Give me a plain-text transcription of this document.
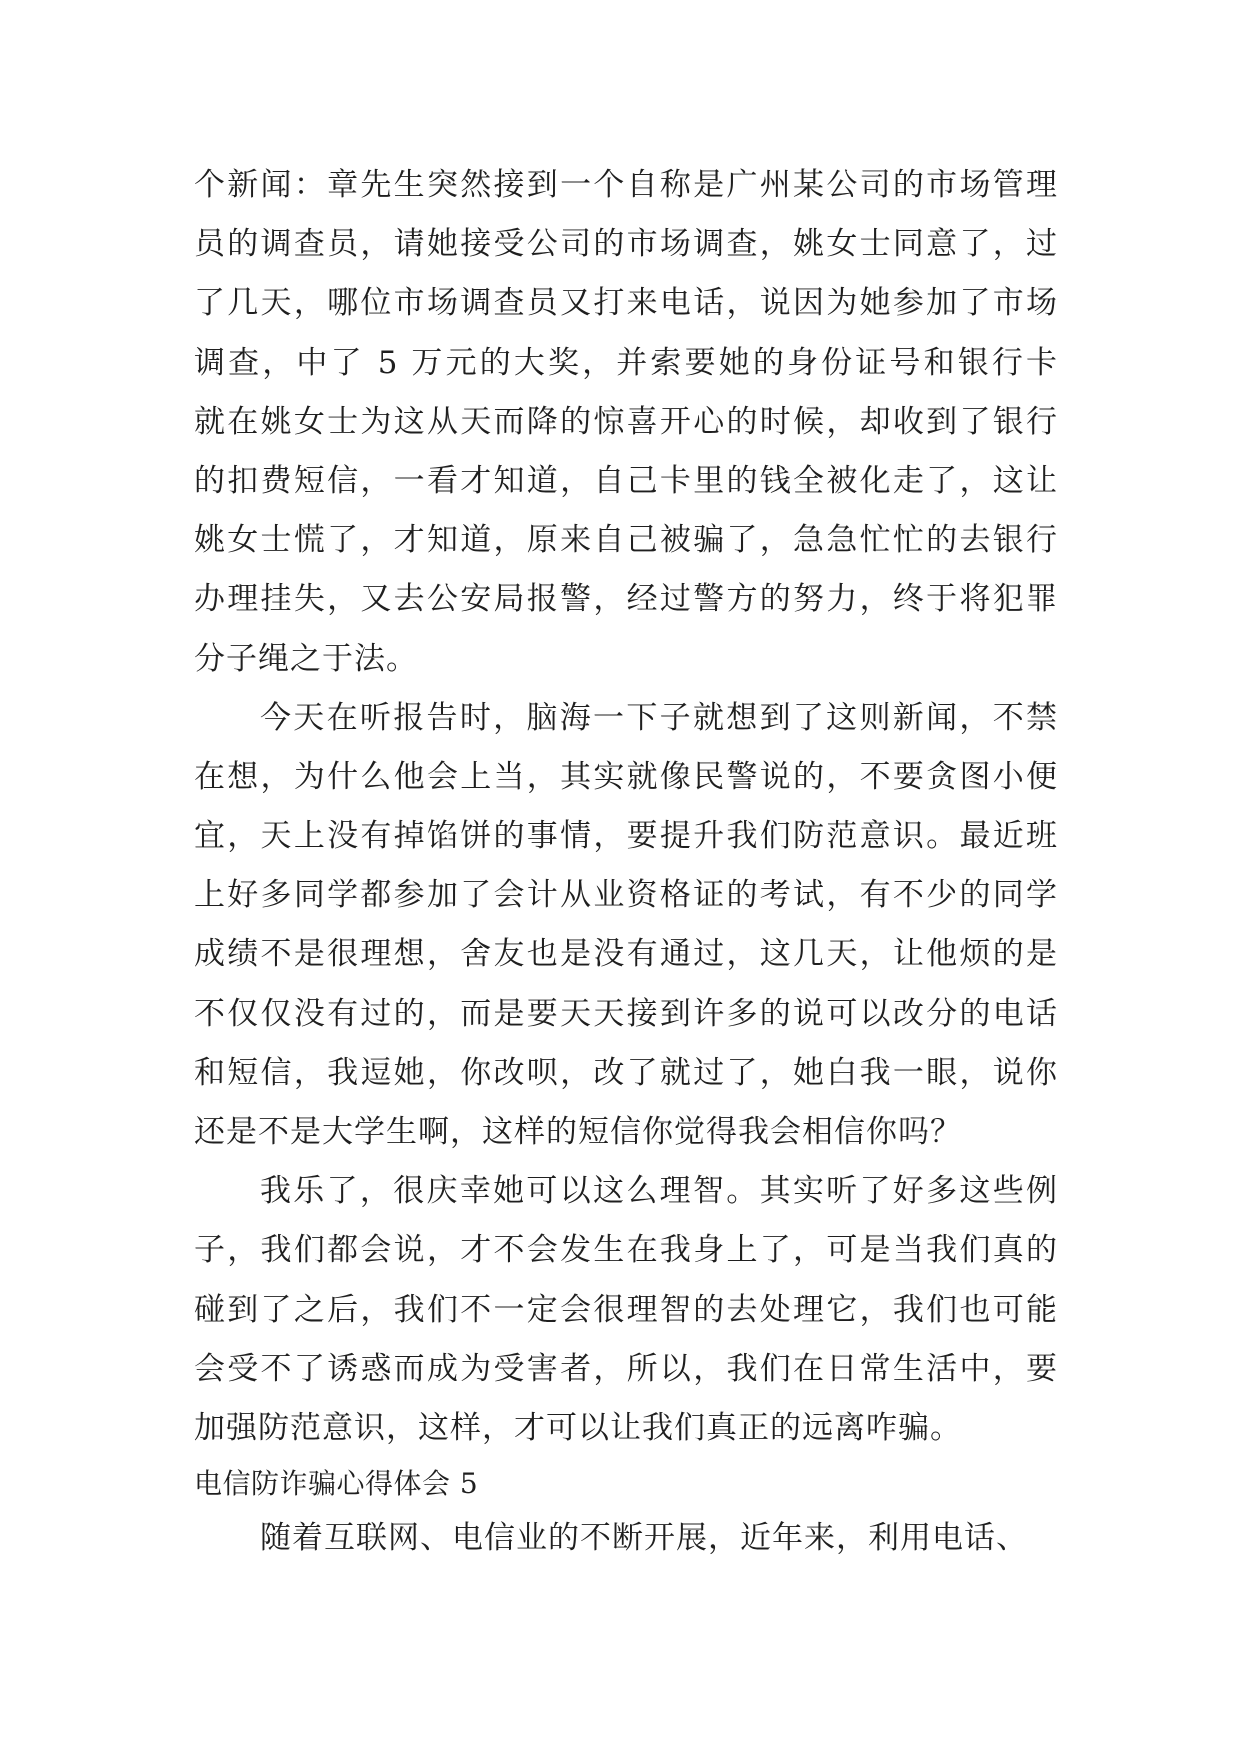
个新闻：章先生突然接到一个自称是广州某公司的市场管理
员的调查员，请她接受公司的市场调查，姚女士同意了，过
了几天，哪位市场调查员又打来电话，说因为她参加了市场
调查，中了 5 万元的大奖，并索要她的身份证号和银行卡
就在姚女士为这从天而降的惊喜开心的时候，却收到了银行
的扣费短信，一看才知道，自己卡里的钱全被化走了，这让
姚女士慌了，才知道，原来自己被骗了，急急忙忙的去银行
办理挂失，又去公安局报警，经过警方的努力，终于将犯罪
分子绳之于法。
今天在听报告时，脑海一下子就想到了这则新闻，不禁
在想，为什么他会上当，其实就像民警说的，不要贪图小便
宜，天上没有掉馅饼的事情，要提升我们防范意识。最近班
上好多同学都参加了会计从业资格证的考试，有不少的同学
成绩不是很理想，舍友也是没有通过，这几天，让他烦的是
不仅仅没有过的，而是要天天接到许多的说可以改分的电话
和短信，我逗她，你改呗，改了就过了，她白我一眼，说你
还是不是大学生啊，这样的短信你觉得我会相信你吗？
我乐了，很庆幸她可以这么理智。其实听了好多这些例
子，我们都会说，才不会发生在我身上了，可是当我们真的
碰到了之后，我们不一定会很理智的去处理它，我们也可能
会受不了诱惑而成为受害者，所以，我们在日常生活中，要
加强防范意识，这样，才可以让我们真正的远离咋骗。
电信防诈骗心得体会 5
随着互联网、电信业的不断开展，近年来，利用电话、
